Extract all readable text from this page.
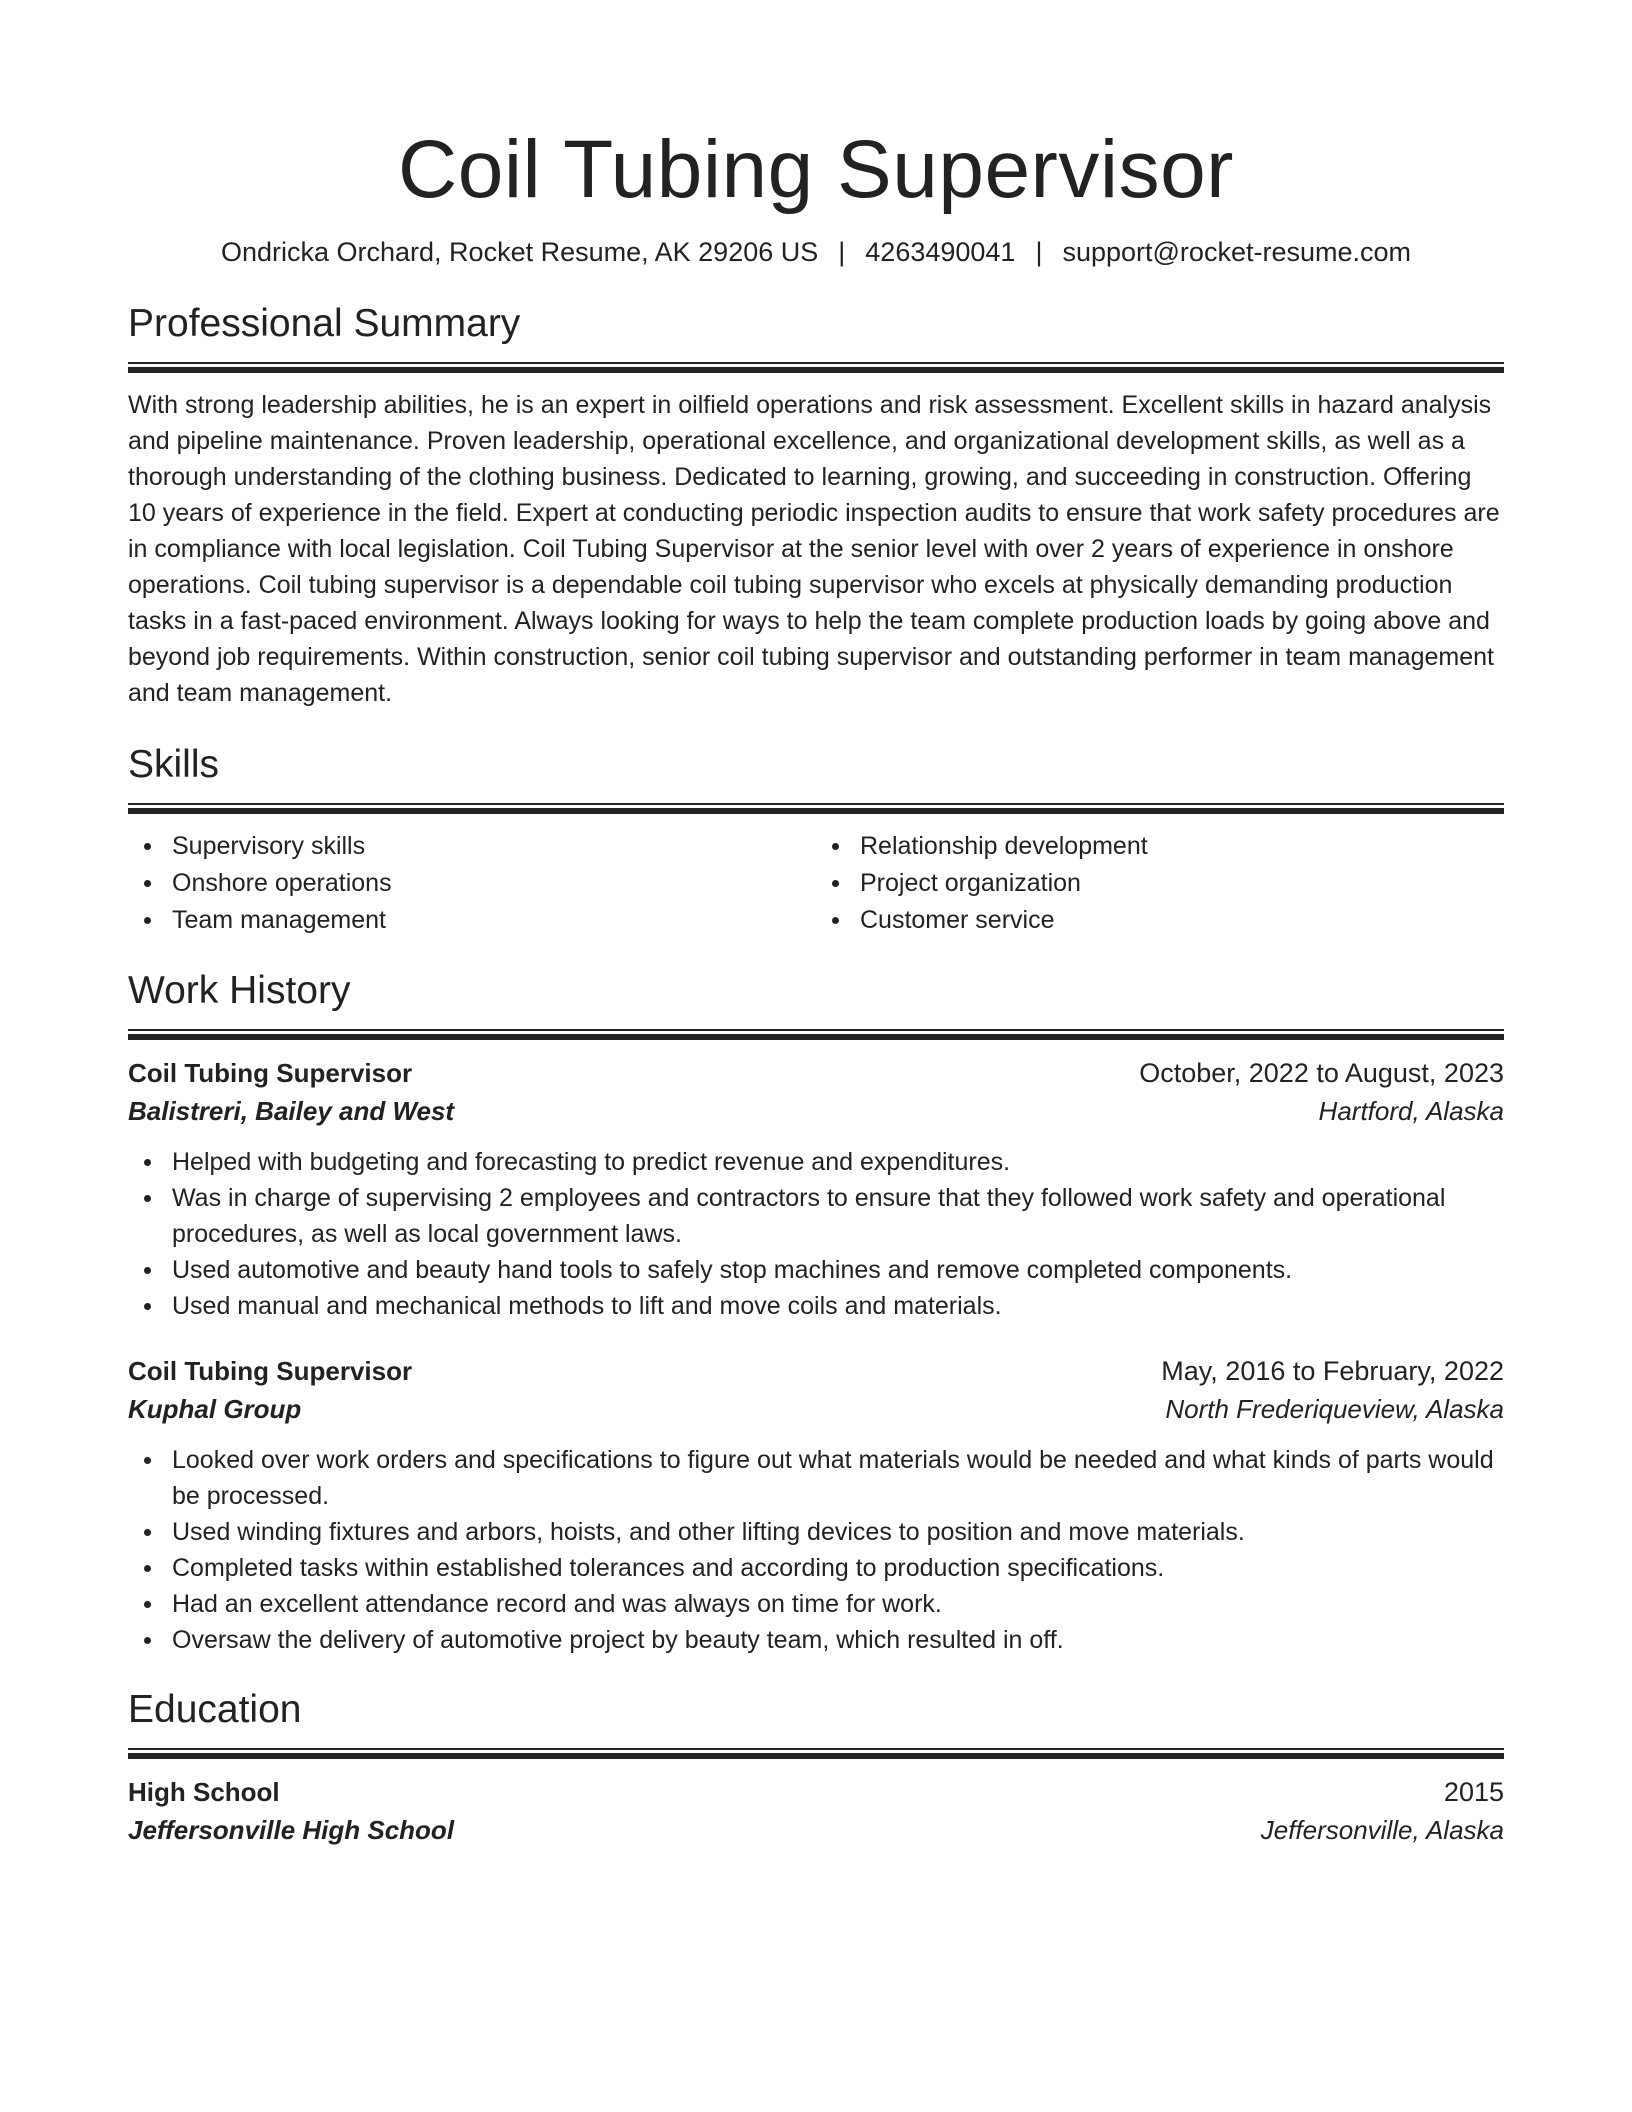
Coil Tubing Supervisor
Ondricka Orchard, Rocket Resume, AK 29206 US | 4263490041 | support@rocket-resume.com
Professional Summary

With strong leadership abilities, he is an expert in oilfield operations and risk assessment. Excellent skills in hazard analysis and pipeline maintenance. Proven leadership, operational excellence, and organizational development skills, as well as a thorough understanding of the clothing business. Dedicated to learning, growing, and succeeding in construction. Offering 10 years of experience in the field. Expert at conducting periodic inspection audits to ensure that work safety procedures are in compliance with local legislation. Coil Tubing Supervisor at the senior level with over 2 years of experience in onshore operations. Coil tubing supervisor is a dependable coil tubing supervisor who excels at physically demanding production tasks in a fast-paced environment. Always looking for ways to help the team complete production loads by going above and beyond job requirements. Within construction, senior coil tubing supervisor and outstanding performer in team management and team management.

Skills
Supervisory skills	Relationship development
Onshore operations	Project organization
Team management	Customer service
Work History
Coil Tubing Supervisor	October, 2022 to August, 2023
Balistreri, Bailey and West	Hartford, Alaska
Helped with budgeting and forecasting to predict revenue and expenditures.
Was in charge of supervising 2 employees and contractors to ensure that they followed work safety and operational procedures, as well as local government laws.
Used automotive and beauty hand tools to safely stop machines and remove completed components.
Used manual and mechanical methods to lift and move coils and materials.
Coil Tubing Supervisor	May, 2016 to February, 2022
Kuphal Group	North Frederiqueview, Alaska
Looked over work orders and specifications to figure out what materials would be needed and what kinds of parts would be processed.
Used winding fixtures and arbors, hoists, and other lifting devices to position and move materials.
Completed tasks within established tolerances and according to production specifications.
Had an excellent attendance record and was always on time for work.
Oversaw the delivery of automotive project by beauty team, which resulted in off.
Education
High School	2015
Jeffersonville High School	Jeffersonville, Alaska
